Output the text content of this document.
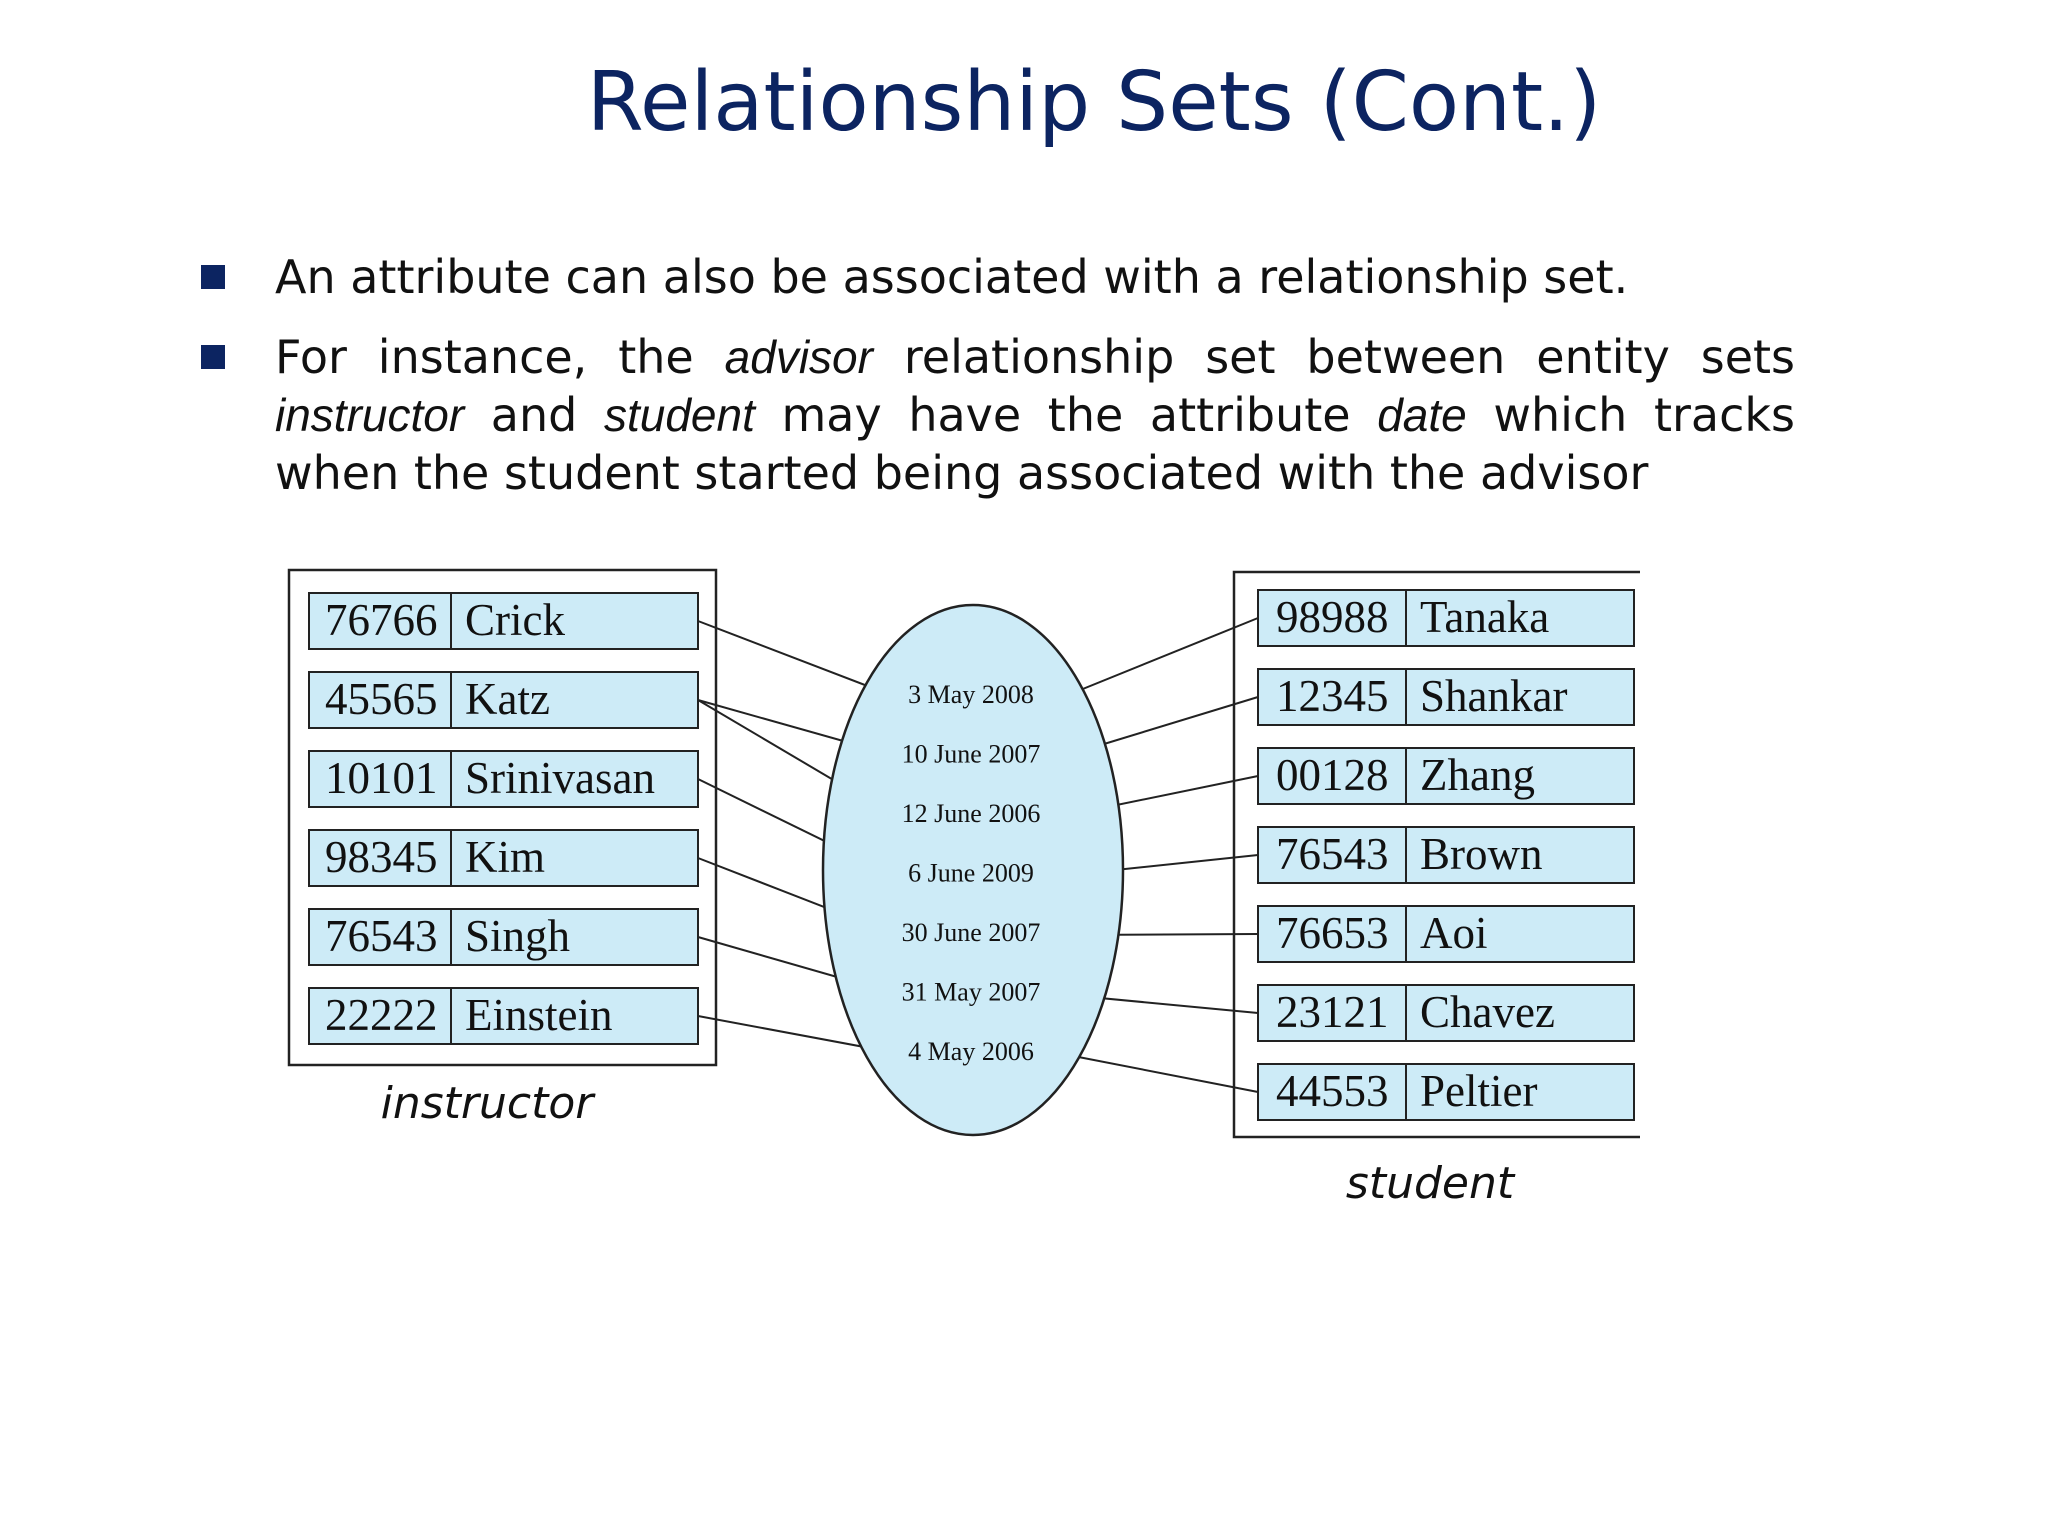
Relationship Sets (Cont.)
An attribute can also be associated with a relationship set.
For instance, the advisor relationship set between entity sets instructor and student may have the attribute date which tracks when the student started being associated with the advisor
76766 Crick
45565 Katz
10101 Srinivasan
98345 Kim
76543 Singh
22222 Einstein
98988 Tanaka
12345 Shankar
00128 Zhang
76543 Brown
76653 Aoi
23121 Chavez
44553 Peltier
3 May 2008
10 June 2007
12 June 2006
6 June 2009
30 June 2007
31 May 2007
4 May 2006
instructor
student
